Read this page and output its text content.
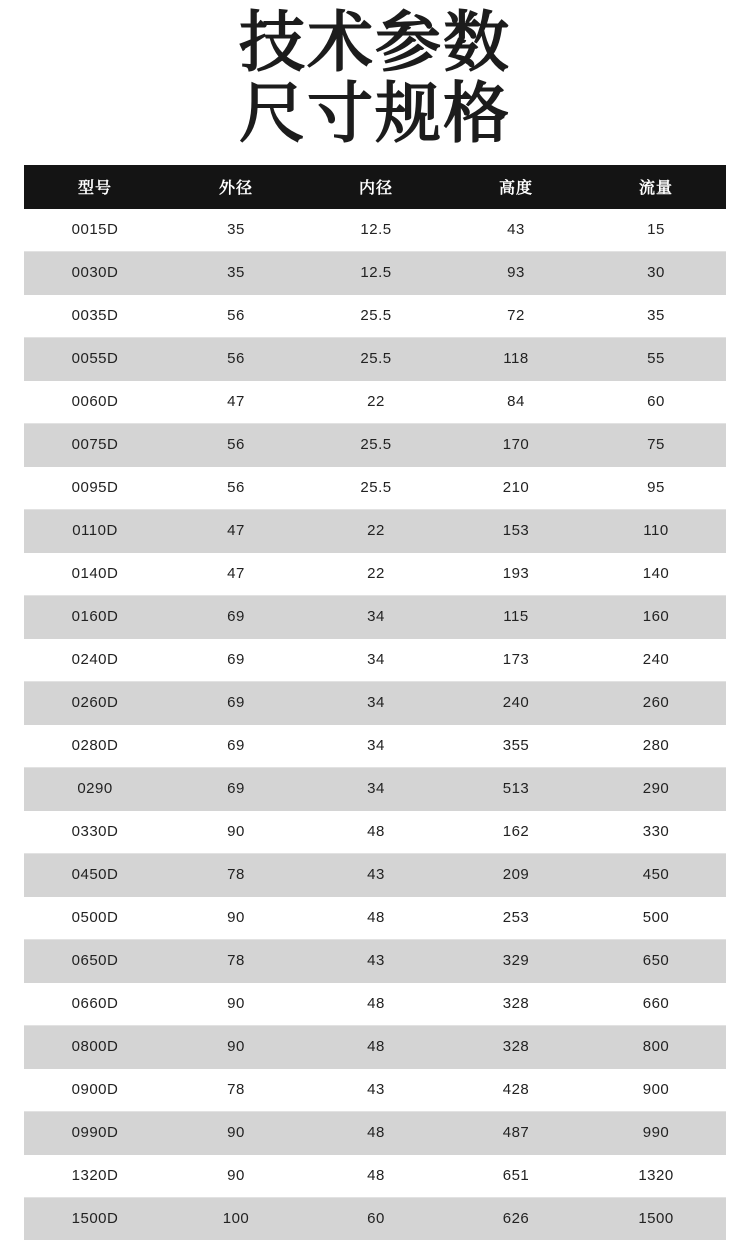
技术参数
尺寸规格
型号	外径	内径	高度	流量
0015D	35	12.5	43	15
0030D	35	12.5	93	30
0035D	56	25.5	72	35
0055D	56	25.5	118	55
0060D	47	22	84	60
0075D	56	25.5	170	75
0095D	56	25.5	210	95
0110D	47	22	153	110
0140D	47	22	193	140
0160D	69	34	115	160
0240D	69	34	173	240
0260D	69	34	240	260
0280D	69	34	355	280
0290	69	34	513	290
0330D	90	48	162	330
0450D	78	43	209	450
0500D	90	48	253	500
0650D	78	43	329	650
0660D	90	48	328	660
0800D	90	48	328	800
0900D	78	43	428	900
0990D	90	48	487	990
1320D	90	48	651	1320
1500D	100	60	626	1500
